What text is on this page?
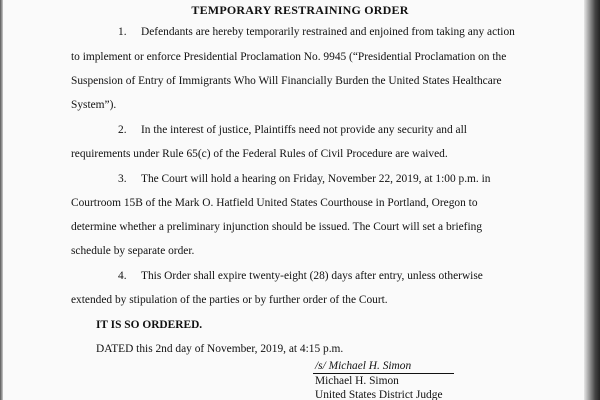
TEMPORARY RESTRAINING ORDER
1. Defendants are hereby temporarily restrained and enjoined from taking any action
to implement or enforce Presidential Proclamation No. 9945 (“Presidential Proclamation on the
Suspension of Entry of Immigrants Who Will Financially Burden the United States Healthcare
System”).
2. In the interest of justice, Plaintiffs need not provide any security and all
requirements under Rule 65(c) of the Federal Rules of Civil Procedure are waived.
3. The Court will hold a hearing on Friday, November 22, 2019, at 1:00 p.m. in
Courtroom 15B of the Mark O. Hatfield United States Courthouse in Portland, Oregon to
determine whether a preliminary injunction should be issued. The Court will set a briefing
schedule by separate order.
4. This Order shall expire twenty-eight (28) days after entry, unless otherwise
extended by stipulation of the parties or by further order of the Court.
IT IS SO ORDERED.
DATED this 2nd day of November, 2019, at 4:15 p.m.
/s/ Michael H. Simon
Michael H. Simon
United States District Judge
